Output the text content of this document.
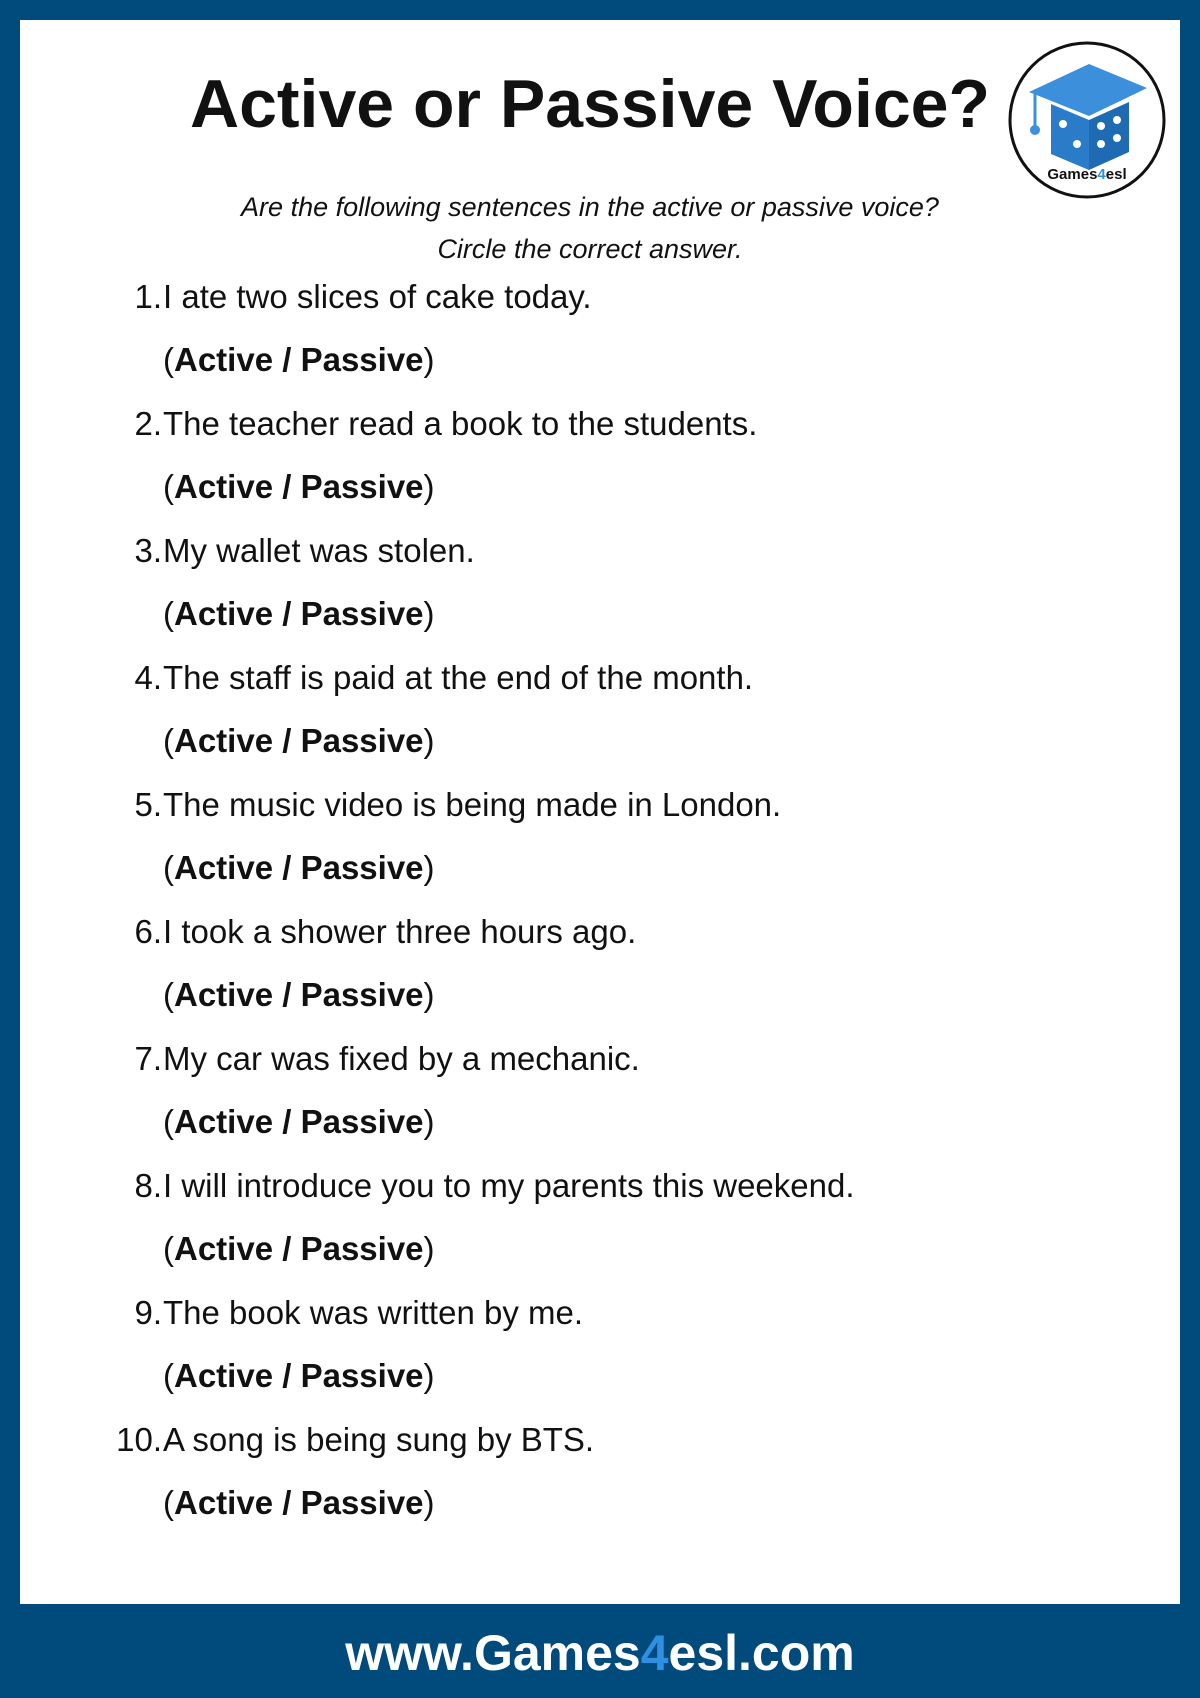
Active or Passive Voice?
Games4esl
Are the following sentences in the active or passive voice?
Circle the correct answer.
1. I ate two slices of cake today.
(Active / Passive)
2. The teacher read a book to the students.
(Active / Passive)
3. My wallet was stolen.
(Active / Passive)
4. The staff is paid at the end of the month.
(Active / Passive)
5. The music video is being made in London.
(Active / Passive)
6. I took a shower three hours ago.
(Active / Passive)
7. My car was fixed by a mechanic.
(Active / Passive)
8. I will introduce you to my parents this weekend.
(Active / Passive)
9. The book was written by me.
(Active / Passive)
10. A song is being sung by BTS.
(Active / Passive)
www.Games4esl.com
